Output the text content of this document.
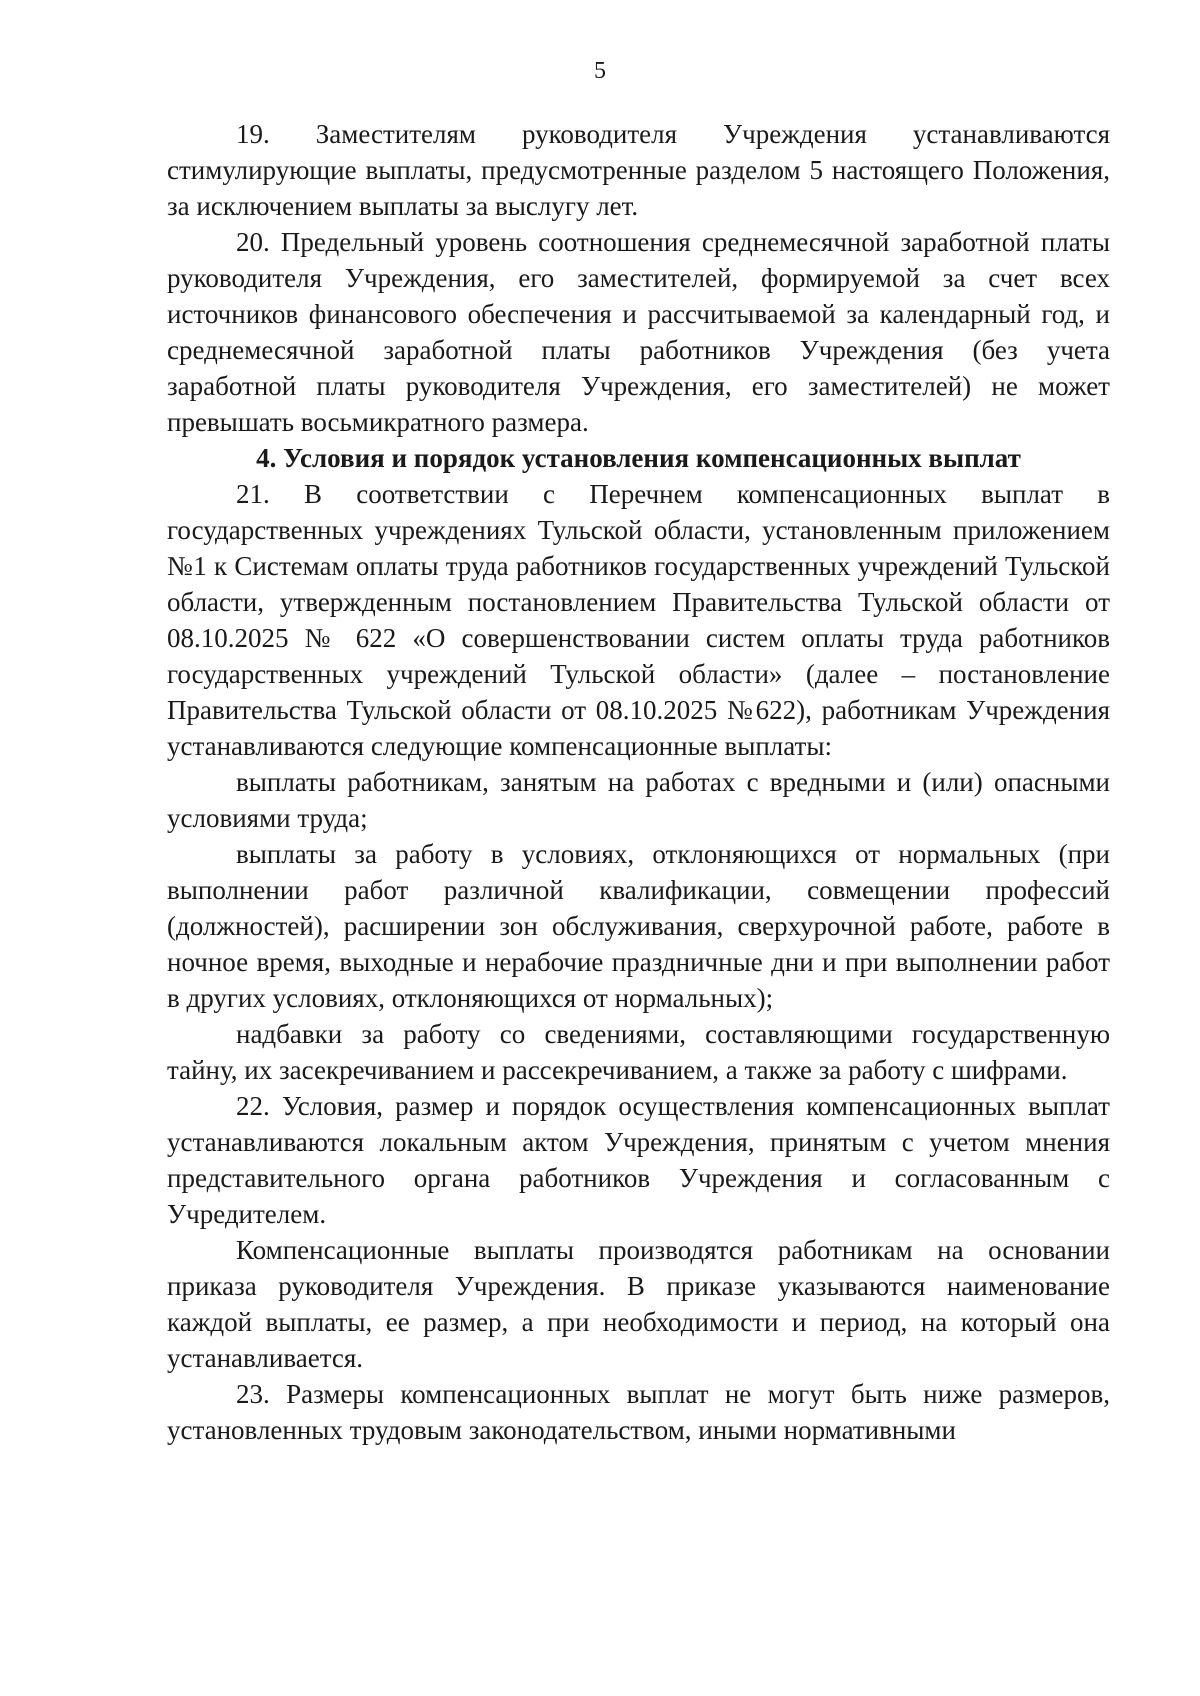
5

19. Заместителям руководителя Учреждения устанавливаются стимулирующие выплаты, предусмотренные разделом 5 настоящего Положения, за исключением выплаты за выслугу лет.

20. Предельный уровень соотношения среднемесячной заработной платы руководителя Учреждения, его заместителей, формируемой за счет всех источников финансового обеспечения и рассчитываемой за календарный год, и среднемесячной заработной платы работников Учреждения (без учета заработной платы руководителя Учреждения, его заместителей) не может превышать восьмикратного размера.

4. Условия и порядок установления компенсационных выплат

21. В соответствии с Перечнем компенсационных выплат в государственных учреждениях Тульской области, установленным приложением №1 к Системам оплаты труда работников государственных учреждений Тульской области, утвержденным постановлением Правительства Тульской области от 08.10.2025 № 622 «О совершенствовании систем оплаты труда работников государственных учреждений Тульской области» (далее – постановление Правительства Тульской области от 08.10.2025 №622), работникам Учреждения устанавливаются следующие компенсационные выплаты:

выплаты работникам, занятым на работах с вредными и (или) опасными условиями труда;

выплаты за работу в условиях, отклоняющихся от нормальных (при выполнении работ различной квалификации, совмещении профессий (должностей), расширении зон обслуживания, сверхурочной работе, работе в ночное время, выходные и нерабочие праздничные дни и при выполнении работ в других условиях, отклоняющихся от нормальных);

надбавки за работу со сведениями, составляющими государственную тайну, их засекречиванием и рассекречиванием, а также за работу с шифрами.

22. Условия, размер и порядок осуществления компенсационных выплат устанавливаются локальным актом Учреждения, принятым с учетом мнения представительного органа работников Учреждения и согласованным с Учредителем.

Компенсационные выплаты производятся работникам на основании приказа руководителя Учреждения. В приказе указываются наименование каждой выплаты, ее размер, а при необходимости и период, на который она устанавливается.

23. Размеры компенсационных выплат не могут быть ниже размеров, установленных трудовым законодательством, иными нормативными
